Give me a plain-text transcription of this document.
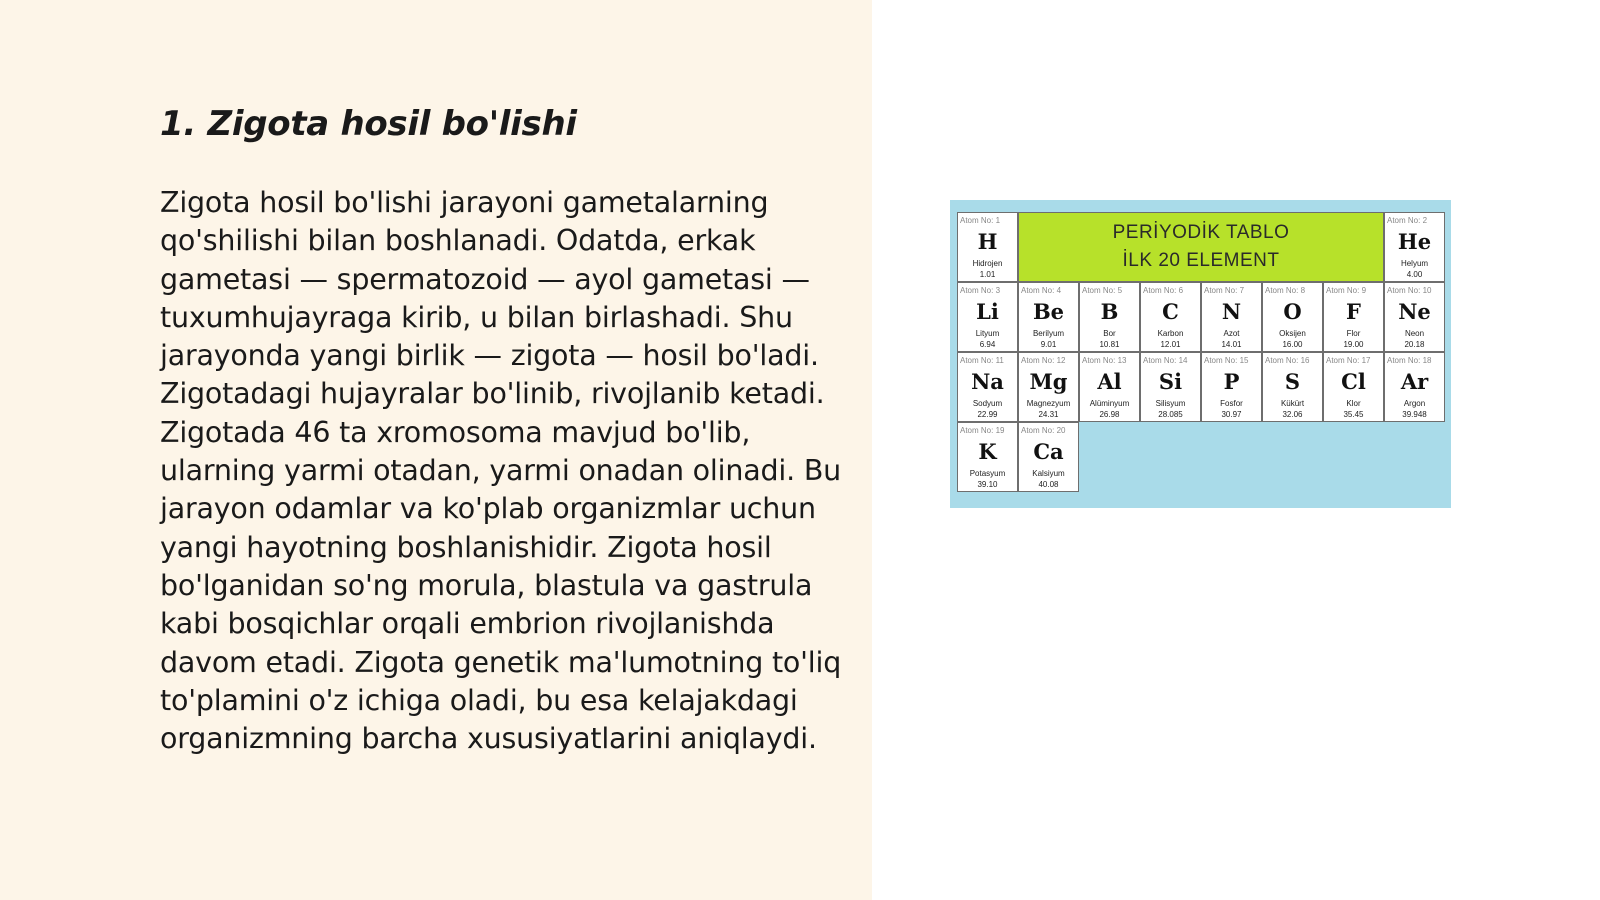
1. Zigota hosil bo'lishi

Zigota hosil bo'lishi jarayoni gametalarning qo'shilishi bilan boshlanadi. Odatda, erkak gametasi — spermatozoid — ayol gametasi — tuxumhujayraga kirib, u bilan birlashadi. Shu jarayonda yangi birlik — zigota — hosil bo'ladi. Zigotadagi hujayralar bo'linib, rivojlanib ketadi. Zigotada 46 ta xromosoma mavjud bo'lib, ularning yarmi otadan, yarmi onadan olinadi. Bu jarayon odamlar va ko'plab organizmlar uchun yangi hayotning boshlanishidir. Zigota hosil bo'lganidan so'ng morula, blastula va gastrula kabi bosqichlar orqali embrion rivojlanishda davom etadi. Zigota genetik ma'lumotning to'liq to'plamini o'z ichiga oladi, bu esa kelajakdagi organizmning barcha xususiyatlarini aniqlaydi.

Atom No: 1
H
Hidrojen
1.01
PERİYODİK TABLO
İLK 20 ELEMENT
Atom No: 2
He
Helyum
4.00
Atom No: 3
Li
Lityum
6.94
Atom No: 4
Be
Berilyum
9.01
Atom No: 5
B
Bor
10.81
Atom No: 6
C
Karbon
12.01
Atom No: 7
N
Azot
14.01
Atom No: 8
O
Oksijen
16.00
Atom No: 9
F
Flor
19.00
Atom No: 10
Ne
Neon
20.18
Atom No: 11
Na
Sodyum
22.99
Atom No: 12
Mg
Magnezyum
24.31
Atom No: 13
Al
Alüminyum
26.98
Atom No: 14
Si
Silisyum
28.085
Atom No: 15
P
Fosfor
30.97
Atom No: 16
S
Kükürt
32.06
Atom No: 17
Cl
Klor
35.45
Atom No: 18
Ar
Argon
39.948
Atom No: 19
K
Potasyum
39.10
Atom No: 20
Ca
Kalsiyum
40.08
